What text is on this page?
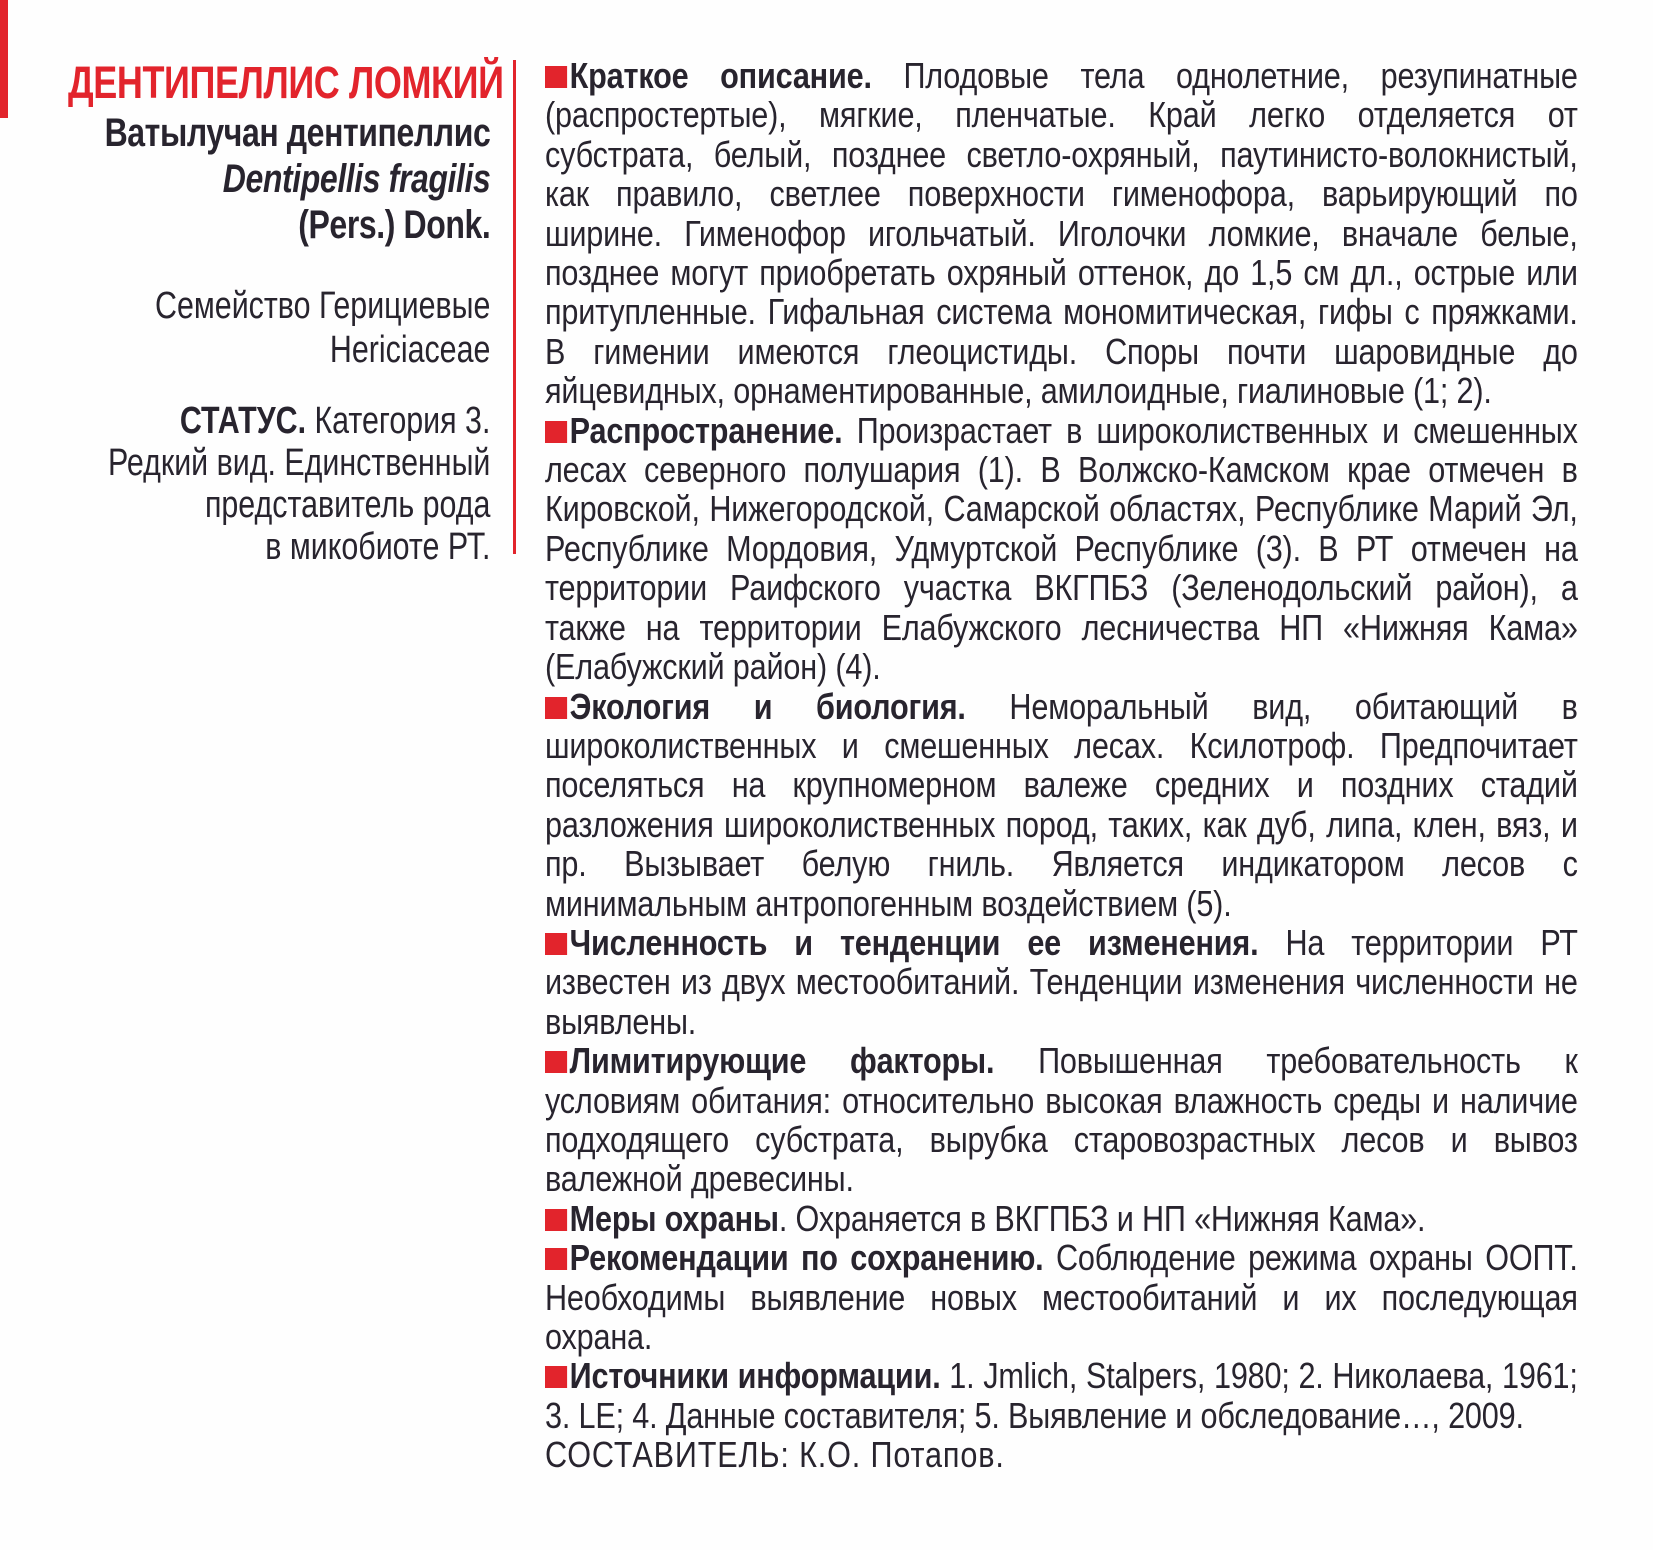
ДЕНТИПЕЛЛИС ЛОМКИЙ
Ватылучан дентипеллис
Dentipellis fragilis
(Pers.) Donk.
Семейство Герициевые
Hericiaceae
СТАТУС. Категория 3.
Редкий вид. Единственный
представитель рода
в микобиоте РТ.

Краткое описание. Плодовые тела однолетние, резупинатные (распростертые), мягкие, пленчатые. Край легко отделяется от субстрата, белый, позднее светло-охряный, паутинисто-волокнистый, как правило, светлее поверхности гименофора, варьирующий по ширине. Гименофор игольчатый. Иголочки ломкие, вначале белые, позднее могут приобретать охряный оттенок, до 1,5 см дл., острые или притупленные. Гифальная система мономитическая, гифы с пряжками. В гимении имеются глеоцистиды. Споры почти шаровидные до яйцевидных, орнаментированные, амилоидные, гиалиновые (1; 2).

Распространение. Произрастает в широколиственных и смешенных лесах северного полушария (1). В Волжско-Камском крае отмечен в Кировской, Нижегородской, Самарской областях, Республике Марий Эл, Республике Мордовия, Удмуртской Республике (3). В РТ отмечен на территории Раифского участка ВКГПБЗ (Зеленодольский район), а также на территории Елабужского лесничества НП «Нижняя Кама» (Елабужский район) (4).

Экология и биология. Неморальный вид, обитающий в широколиственных и смешенных лесах. Ксилотроф. Предпочитает поселяться на крупномерном валеже средних и поздних стадий разложения широколиственных пород, таких, как дуб, липа, клен, вяз, и пр. Вызывает белую гниль. Является индикатором лесов с минимальным антропогенным воздействием (5).

Численность и тенденции ее изменения. На территории РТ известен из двух местообитаний. Тенденции изменения численности не выявлены.

Лимитирующие факторы. Повышенная требовательность к условиям обитания: относительно высокая влажность среды и наличие подходящего субстрата, вырубка старовозрастных лесов и вывоз валежной древесины.

Меры охраны. Охраняется в ВКГПБЗ и НП «Нижняя Кама».

Рекомендации по сохранению. Соблюдение режима охраны ООПТ. Необходимы выявление новых местообитаний и их последующая охрана.

Источники информации. 1. Jmlich, Stalpers, 1980; 2. Николаева, 1961; 3. LE; 4. Данные составителя; 5. Выявление и обследование…, 2009.

СОСТАВИТЕЛЬ: К.О. Потапов.
